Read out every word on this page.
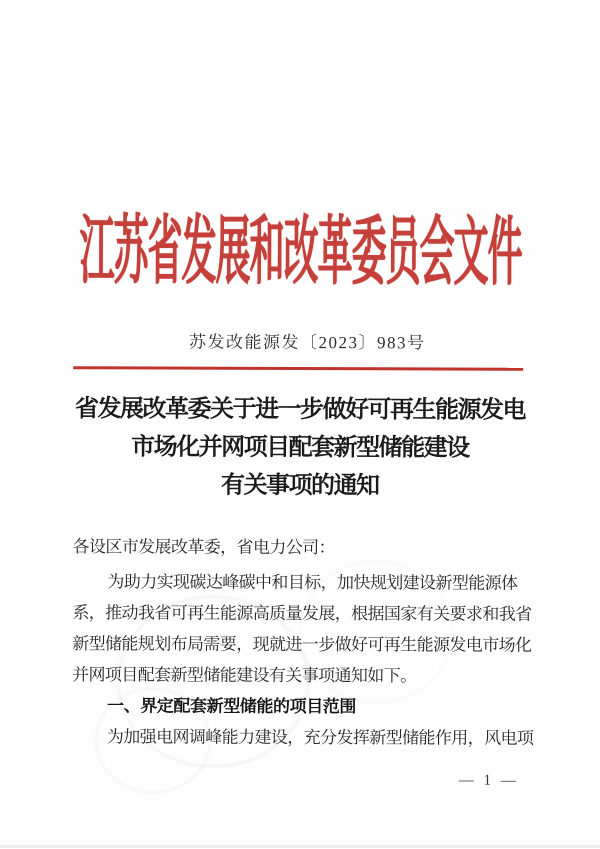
江苏省发展和改革委员会文件
苏发改能源发〔2023〕983号
省发展改革委关于进一步做好可再生能源发电
市场化并网项目配套新型储能建设
有关事项的通知
各设区市发展改革委，省电力公司：
为助力实现碳达峰碳中和目标，加快规划建设新型能源体
系，推动我省可再生能源高质量发展，根据国家有关要求和我省
新型储能规划布局需要，现就进一步做好可再生能源发电市场化
并网项目配套新型储能建设有关事项通知如下。
一、界定配套新型储能的项目范围
为加强电网调峰能力建设，充分发挥新型储能作用，风电项
— 1 —
